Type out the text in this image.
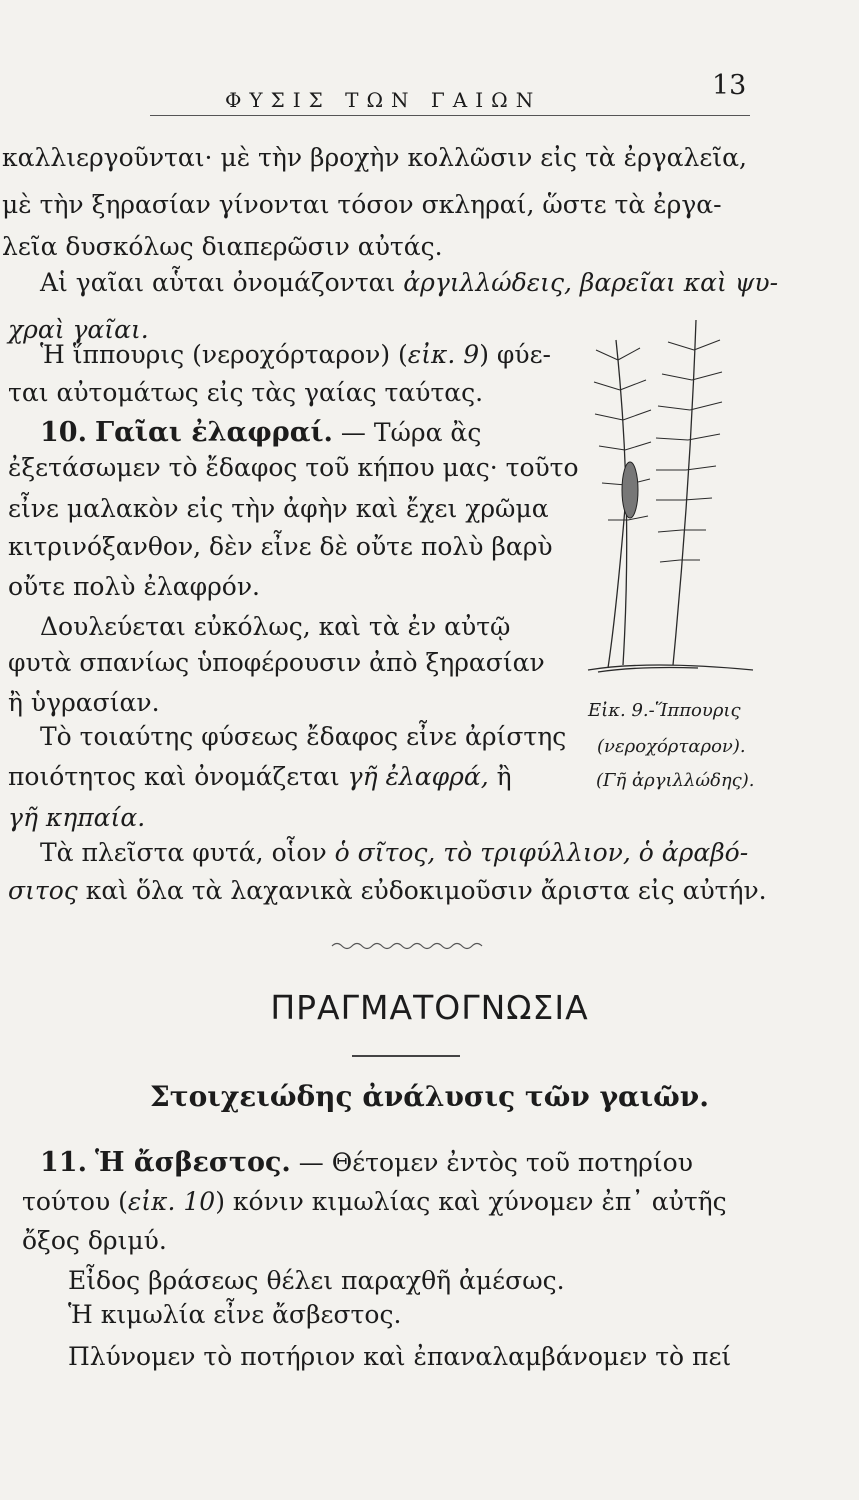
ΦΥΣΙΣ ΤΩΝ ΓΑΙΩΝ	13
καλλιεργοῦνται· μὲ τὴν βροχὴν κολλῶσιν εἰς τὰ ἐργαλεῖα,
μὲ τὴν ξηρασίαν γίνονται τόσον σκληραί, ὥστε τὰ ἐργα-
λεῖα δυσκόλως διαπερῶσιν αὐτάς.
Αἱ γαῖαι αὗται ὀνομάζονται ἀργιλλώδεις, βαρεῖαι καὶ ψυ-
χραὶ γαῖαι.
Ἡ ἵππουρις (νεροχόρταρον) (εἰκ. 9) φύε-
ται αὐτομάτως εἰς τὰς γαίας ταύτας.
10. Γαῖαι ἐλαφραί. — Τώρα ἂς
ἐξετάσωμεν τὸ ἔδαφος τοῦ κήπου μας· τοῦτο
εἶνε μαλακὸν εἰς τὴν ἀφὴν καὶ ἔχει χρῶμα
κιτρινόξανθον, δὲν εἶνε δὲ οὔτε πολὺ βαρὺ
οὔτε πολὺ ἐλαφρόν.
Δουλεύεται εὐκόλως, καὶ τὰ ἐν αὐτῷ
φυτὰ σπανίως ὑποφέρουσιν ἀπὸ ξηρασίαν
ἢ ὑγρασίαν.
Τὸ τοιαύτης φύσεως ἔδαφος εἶνε ἀρίστης
ποιότητος καὶ ὀνομάζεται γῆ ἐλαφρά, ἢ
γῆ κηπαία.
Τὰ πλεῖστα φυτά, οἷον ὁ σῖτος, τὸ τριφύλλιον, ὁ ἀραβό-
σιτος καὶ ὅλα τὰ λαχανικὰ εὐδοκιμοῦσιν ἄριστα εἰς αὐτήν.
Εἰκ. 9.-Ἵππουρις
(νεροχόρταρον).
(Γῆ ἀργιλλώδης).
ΠΡΑΓΜΑΤΟΓΝΩΣΙΑ
Στοιχειώδης ἀνάλυσις τῶν γαιῶν.
11. Ἡ ἄσβεστος. — Θέτομεν ἐντὸς τοῦ ποτηρίου
τούτου (εἰκ. 10) κόνιν κιμωλίας καὶ χύνομεν ἐπ᾽ αὐτῆς
ὄξος δριμύ.
Εἶδος βράσεως θέλει παραχθῆ ἀμέσως.
Ἡ κιμωλία εἶνε ἄσβεστος.
Πλύνομεν τὸ ποτήριον καὶ ἐπαναλαμβάνομεν τὸ πεί
